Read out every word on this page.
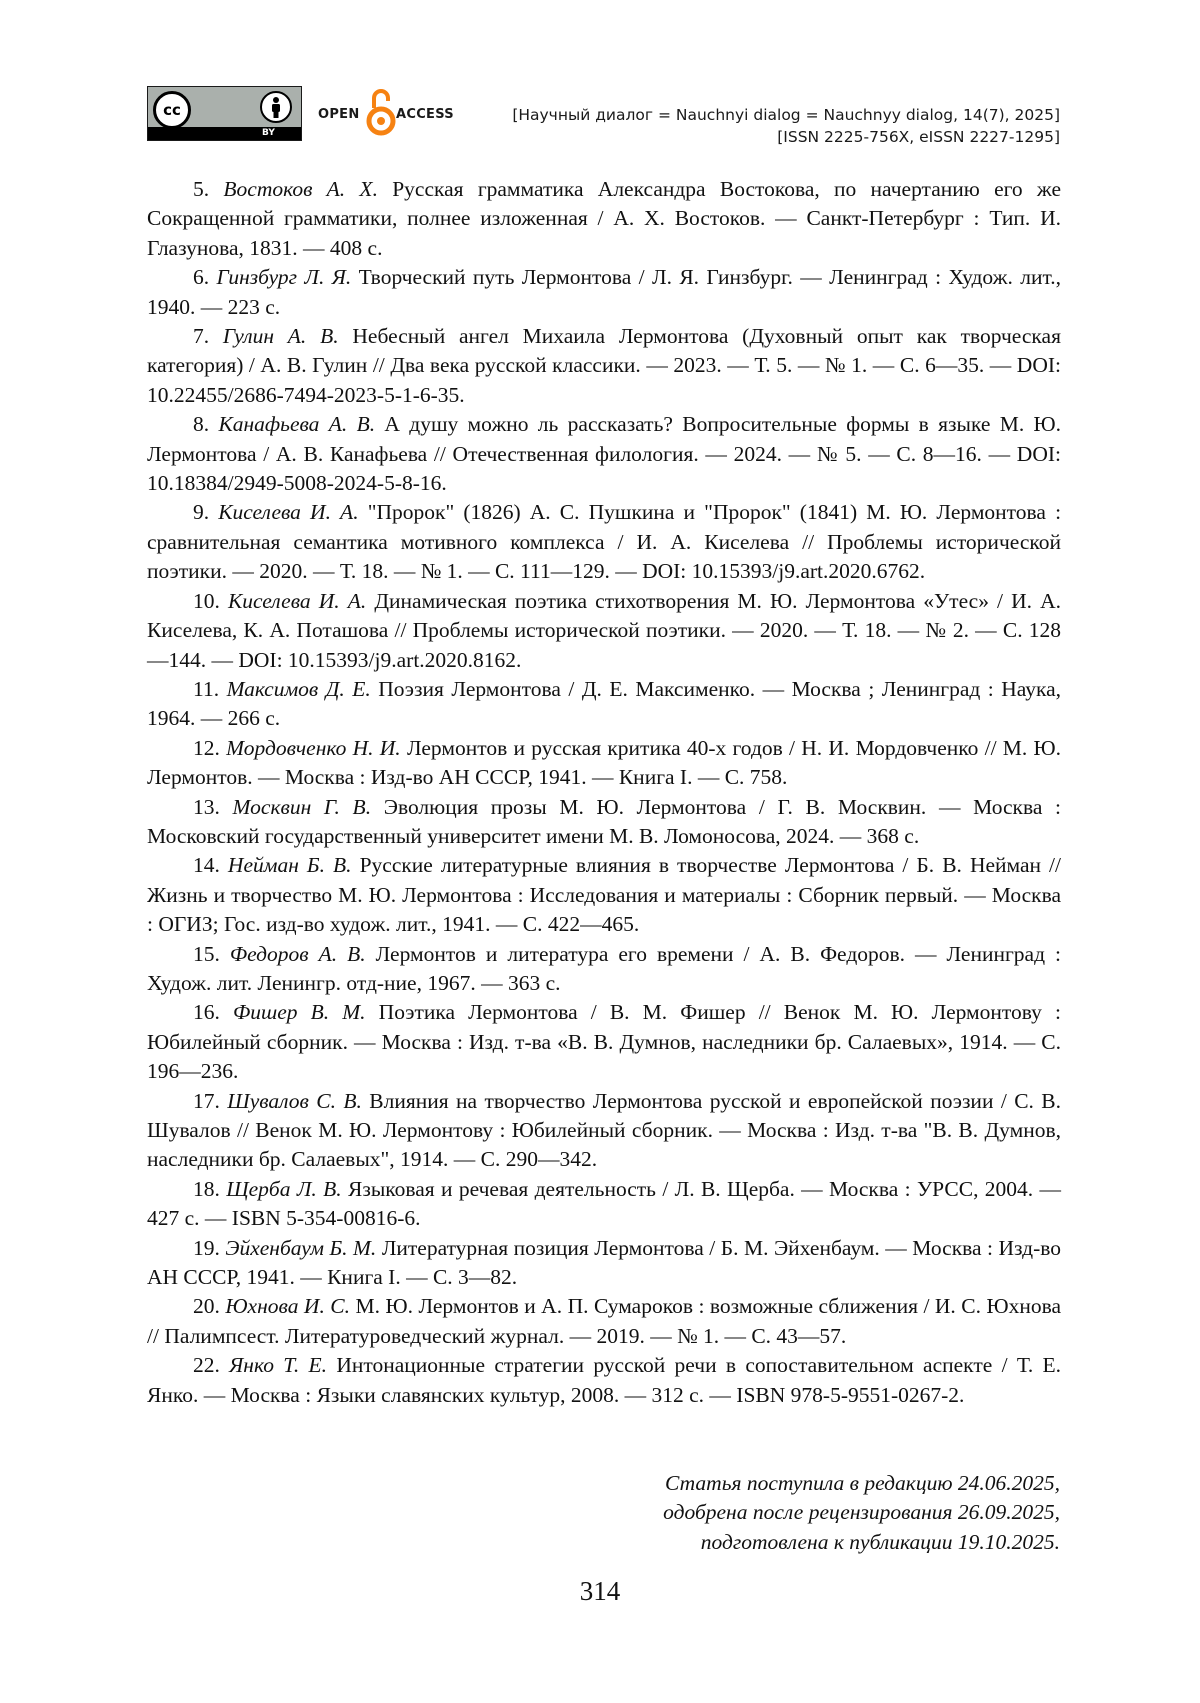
cc
BY
OPEN	ACCESS	[Научный диалог = Nauchnyi dialog = Nauchnyy dialog, 14(7), 2025]
[ISSN 2225-756X, eISSN 2227-1295]

5. Востоков А. Х. Русская грамматика Александра Востокова, по начертанию его же Сокращенной грамматики, полнее изложенная / А. Х. Востоков. — Санкт-Петербург : Тип. И. Глазунова, 1831. — 408 с.

6. Гинзбург Л. Я. Творческий путь Лермонтова / Л. Я. Гинзбург. — Ленинград : Худож. лит., 1940. — 223 с.

7. Гулин А. В. Небесный ангел Михаила Лермонтова (Духовный опыт как творческая категория) / А. В. Гулин // Два века русской классики. — 2023. — Т. 5. — № 1. — С. 6—35. — DOI: 10.22455/2686-7494-2023-5-1-6-35.

8. Канафьева А. В. А душу можно ль рассказать? Вопросительные формы в языке М. Ю. Лермонтова / А. В. Канафьева // Отечественная филология. — 2024. — № 5. — С. 8—16. — DOI: 10.18384/2949-5008-2024-5-8-16.

9. Киселева И. А. "Пророк" (1826) А. С. Пушкина и "Пророк" (1841) М. Ю. Лермонтова : сравнительная семантика мотивного комплекса / И. А. Киселева // Проблемы исторической поэтики. — 2020. — Т. 18. — № 1. — С. 111—129. — DOI: 10.15393/j9.art.2020.6762.

10. Киселева И. А. Динамическая поэтика стихотворения М. Ю. Лермонтова «Утес» / И. А. Киселева, К. А. Поташова // Проблемы исторической поэтики. — 2020. — Т. 18. — № 2. — С. 128—144. — DOI: 10.15393/j9.art.2020.8162.

11. Максимов Д. Е. Поэзия Лермонтова / Д. Е. Максименко. — Москва ; Ленинград : Наука, 1964. — 266 с.

12. Мордовченко Н. И. Лермонтов и русская критика 40-х годов / Н. И. Мордовченко // М. Ю. Лермонтов. — Москва : Изд-во АН СССР, 1941. — Книга I. — С. 758.

13. Москвин Г. В. Эволюция прозы М. Ю. Лермонтова / Г. В. Москвин. — Москва : Московский государственный университет имени М. В. Ломоносова, 2024. — 368 с.

14. Нейман Б. В. Русские литературные влияния в творчестве Лермонтова / Б. В. Нейман // Жизнь и творчество М. Ю. Лермонтова : Исследования и материалы : Сборник первый. — Москва : ОГИЗ; Гос. изд-во худож. лит., 1941. — С. 422—465.

15. Федоров А. В. Лермонтов и литература его времени / А. В. Федоров. — Ленинград : Худож. лит. Ленингр. отд-ние, 1967. — 363 с.

16. Фишер В. М. Поэтика Лермонтова / В. М. Фишер // Венок М. Ю. Лермонтову : Юбилейный сборник. — Москва : Изд. т-ва «В. В. Думнов, наследники бр. Салаевых», 1914. — С. 196—236.

17. Шувалов С. В. Влияния на творчество Лермонтова русской и европейской поэзии / С. В. Шувалов // Венок М. Ю. Лермонтову : Юбилейный сборник. — Москва : Изд. т-ва "В. В. Думнов, наследники бр. Салаевых", 1914. — С. 290—342.

18. Щерба Л. В. Языковая и речевая деятельность / Л. В. Щерба. — Москва : УРСС, 2004. — 427 с. — ISBN 5-354-00816-6.

19. Эйхенбаум Б. М. Литературная позиция Лермонтова / Б. М. Эйхенбаум. — Москва : Изд-во АН СССР, 1941. — Книга I. — С. 3—82.

20. Юхнова И. С. М. Ю. Лермонтов и А. П. Сумароков : возможные сближения / И. С. Юхнова // Палимпсест. Литературоведческий журнал. — 2019. — № 1. — С. 43—57.

22. Янко Т. Е. Интонационные стратегии русской речи в сопоставительном аспекте / Т. Е. Янко. — Москва : Языки славянских культур, 2008. — 312 с. — ISBN 978-5-9551-0267-2.

Статья поступила в редакцию 24.06.2025,
одобрена после рецензирования 26.09.2025,
подготовлена к публикации 19.10.2025.
314
